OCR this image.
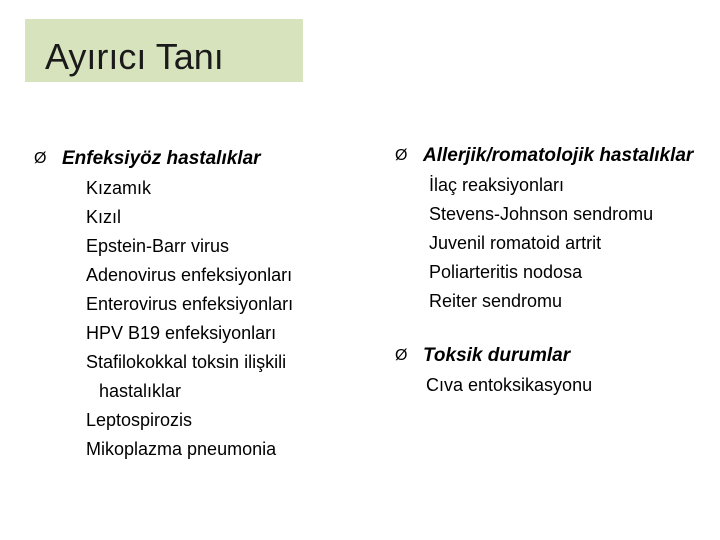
Ayırıcı Tanı
Ø Enfeksiyöz hastalıklar
Kızamık
Kızıl
Epstein-Barr virus
Adenovirus enfeksiyonları
Enterovirus enfeksiyonları
HPV B19 enfeksiyonları
Stafilokokkal toksin ilişkili
hastalıklar
Leptospirozis
Mikoplazma pneumonia
Ø Allerjik/romatolojik hastalıklar
İlaç reaksiyonları
Stevens-Johnson sendromu
Juvenil romatoid artrit
Poliarteritis nodosa
Reiter sendromu
Ø Toksik durumlar
Cıva entoksikasyonu
